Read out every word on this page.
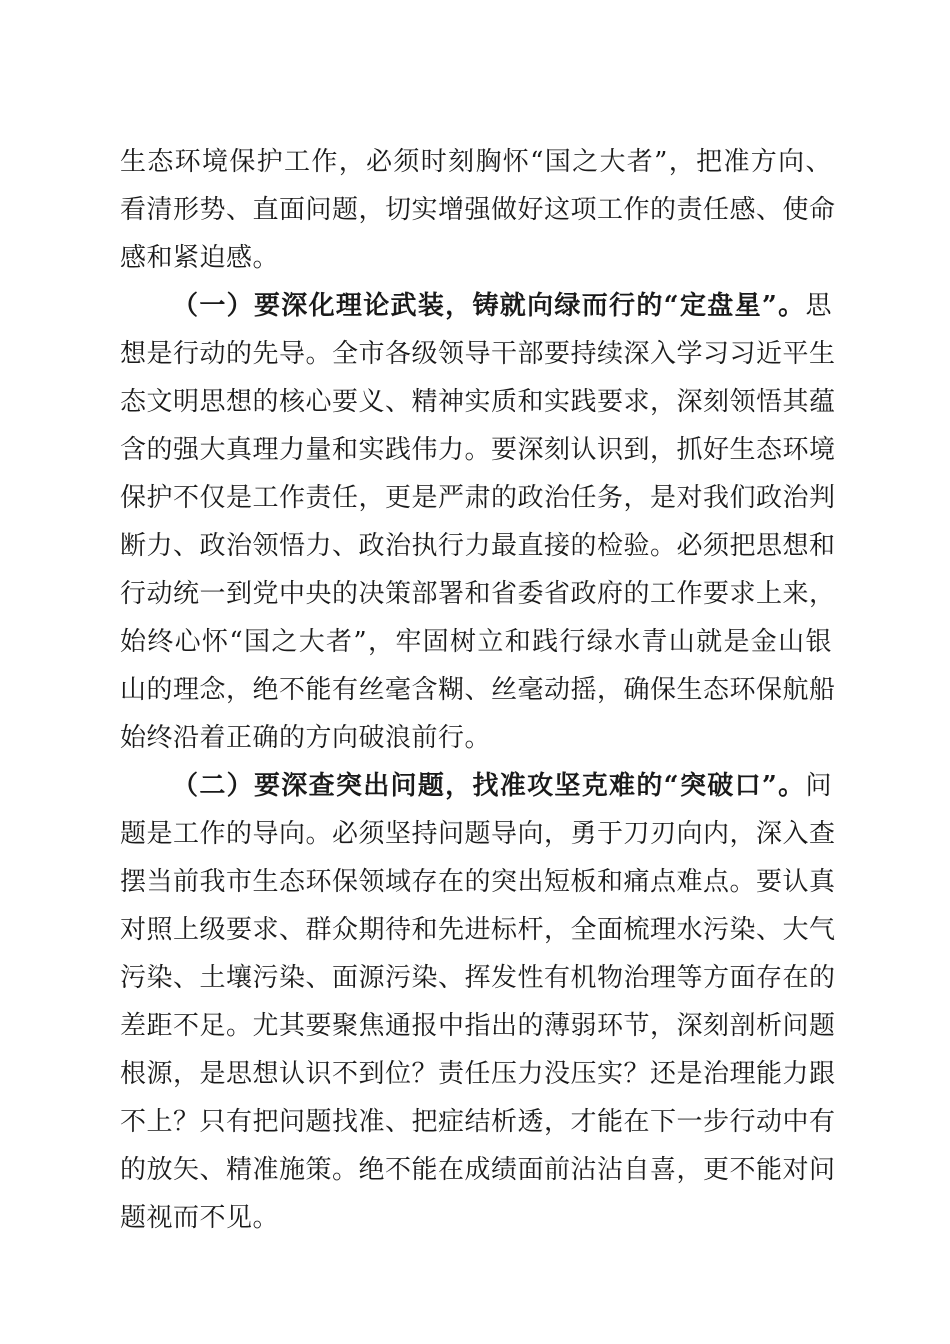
生态环境保护工作，必须时刻胸怀“国之大者”，把准方向、
看清形势、直面问题，切实增强做好这项工作的责任感、使命
感和紧迫感。
（一）要深化理论武装，铸就向绿而行的“定盘星”。思
想是行动的先导。全市各级领导干部要持续深入学习习近平生
态文明思想的核心要义、精神实质和实践要求，深刻领悟其蕴
含的强大真理力量和实践伟力。要深刻认识到，抓好生态环境
保护不仅是工作责任，更是严肃的政治任务，是对我们政治判
断力、政治领悟力、政治执行力最直接的检验。必须把思想和
行动统一到党中央的决策部署和省委省政府的工作要求上来，
始终心怀“国之大者”，牢固树立和践行绿水青山就是金山银
山的理念，绝不能有丝毫含糊、丝毫动摇，确保生态环保航船
始终沿着正确的方向破浪前行。
（二）要深查突出问题，找准攻坚克难的“突破口”。问
题是工作的导向。必须坚持问题导向，勇于刀刃向内，深入查
摆当前我市生态环保领域存在的突出短板和痛点难点。要认真
对照上级要求、群众期待和先进标杆，全面梳理水污染、大气
污染、土壤污染、面源污染、挥发性有机物治理等方面存在的
差距不足。尤其要聚焦通报中指出的薄弱环节，深刻剖析问题
根源，是思想认识不到位？责任压力没压实？还是治理能力跟
不上？只有把问题找准、把症结析透，才能在下一步行动中有
的放矢、精准施策。绝不能在成绩面前沾沾自喜，更不能对问
题视而不见。
